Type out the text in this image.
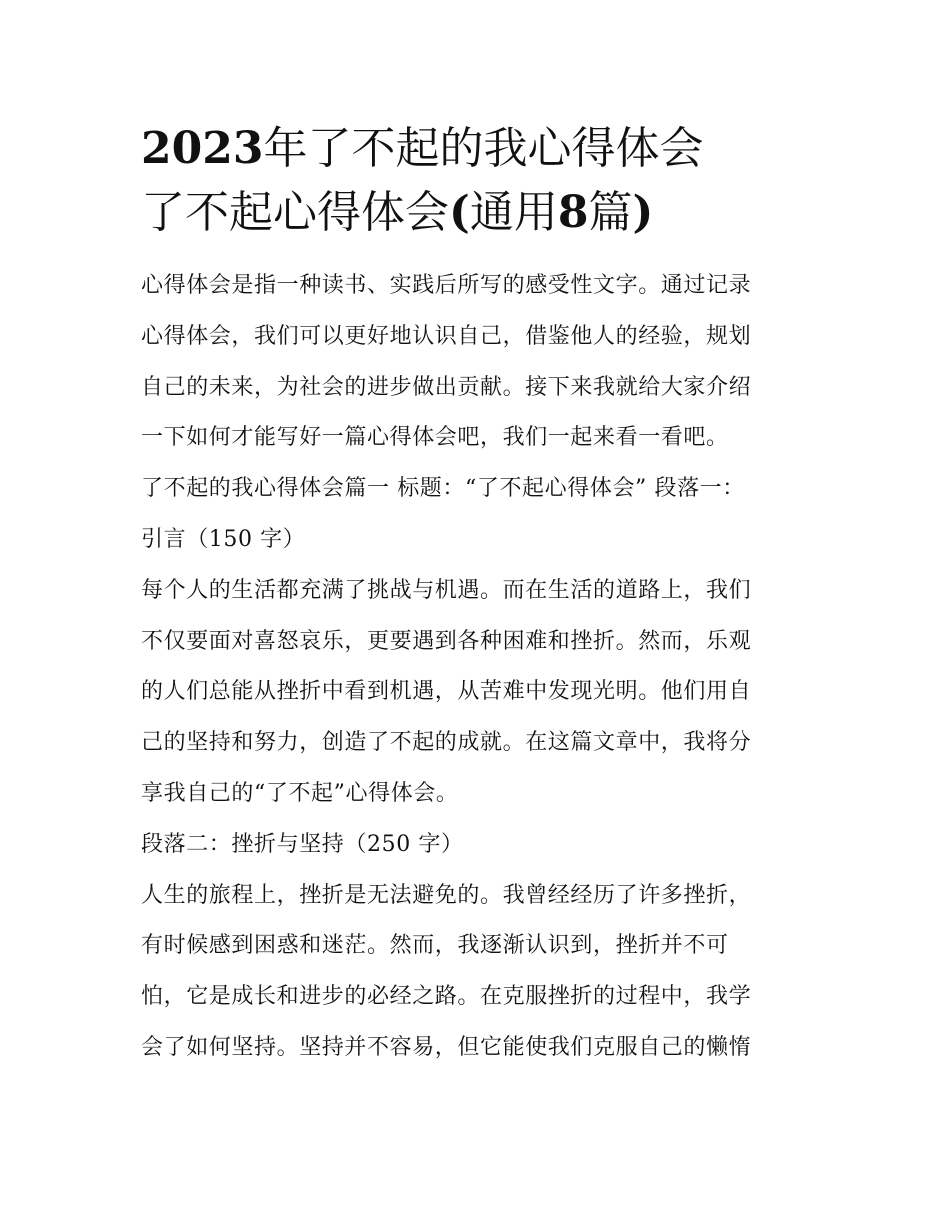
2023年了不起的我心得体会
了不起心得体会(通用8篇)

心得体会是指一种读书、实践后所写的感受性文字。通过记录

心得体会，我们可以更好地认识自己，借鉴他人的经验，规划

自己的未来，为社会的进步做出贡献。接下来我就给大家介绍

一下如何才能写好一篇心得体会吧，我们一起来看一看吧。

了不起的我心得体会篇一 标题：“了不起心得体会” 段落一：

引言（150 字）

每个人的生活都充满了挑战与机遇。而在生活的道路上，我们

不仅要面对喜怒哀乐，更要遇到各种困难和挫折。然而，乐观

的人们总能从挫折中看到机遇，从苦难中发现光明。他们用自

己的坚持和努力，创造了不起的成就。在这篇文章中，我将分

享我自己的“了不起”心得体会。

段落二：挫折与坚持（250 字）

人生的旅程上，挫折是无法避免的。我曾经经历了许多挫折，

有时候感到困惑和迷茫。然而，我逐渐认识到，挫折并不可

怕，它是成长和进步的必经之路。在克服挫折的过程中，我学

会了如何坚持。坚持并不容易，但它能使我们克服自己的懒惰
